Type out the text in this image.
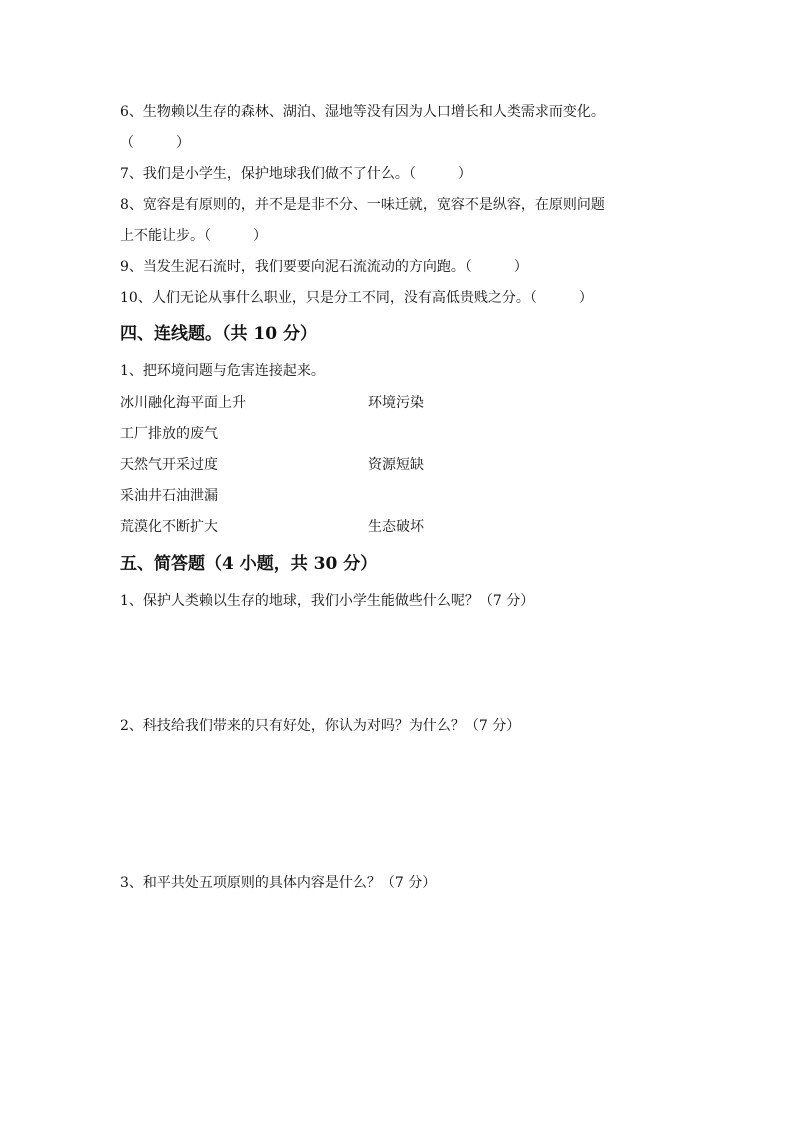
6、生物赖以生存的森林、湖泊、湿地等没有因为人口增长和人类需求而变化。
（　　　）
7、我们是小学生，保护地球我们做不了什么。（　　　）
8、宽容是有原则的，并不是是非不分、一味迁就，宽容不是纵容，在原则问题
上不能让步。（　　　）
9、当发生泥石流时，我们要要向泥石流流动的方向跑。（　　　）
10、人们无论从事什么职业，只是分工不同，没有高低贵贱之分。（　　　）
四、连线题。（共 10 分）
1、把环境问题与危害连接起来。
冰川融化海平面上升	环境污染
工厂排放的废气
天然气开采过度	资源短缺
采油井石油泄漏
荒漠化不断扩大	生态破坏
五、简答题（4 小题，共 30 分）
1、保护人类赖以生存的地球，我们小学生能做些什么呢？（7 分）
2、科技给我们带来的只有好处，你认为对吗？为什么？（7 分）
3、和平共处五项原则的具体内容是什么？（7 分）
